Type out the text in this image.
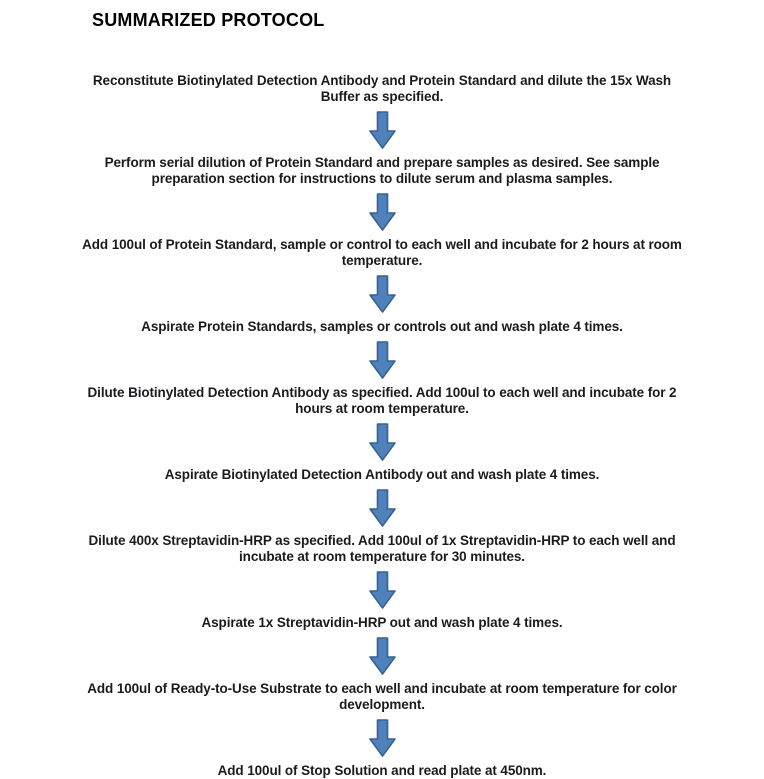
SUMMARIZED PROTOCOL
Reconstitute Biotinylated Detection Antibody and Protein Standard and dilute the 15x Wash Buffer as specified.
Perform serial dilution of Protein Standard and prepare samples as desired. See sample preparation section for instructions to dilute serum and plasma samples.
Add 100ul of Protein Standard, sample or control to each well and incubate for 2 hours at room temperature.
Aspirate Protein Standards, samples or controls out and wash plate 4 times.
Dilute Biotinylated Detection Antibody as specified. Add 100ul to each well and incubate for 2 hours at room temperature.
Aspirate Biotinylated Detection Antibody out and wash plate 4 times.
Dilute 400x Streptavidin-HRP as specified. Add 100ul of 1x Streptavidin-HRP to each well and incubate at room temperature for 30 minutes.
Aspirate 1x Streptavidin-HRP out and wash plate 4 times.
Add 100ul of Ready-to-Use Substrate to each well and incubate at room temperature for color development.
Add 100ul of Stop Solution and read plate at 450nm.
